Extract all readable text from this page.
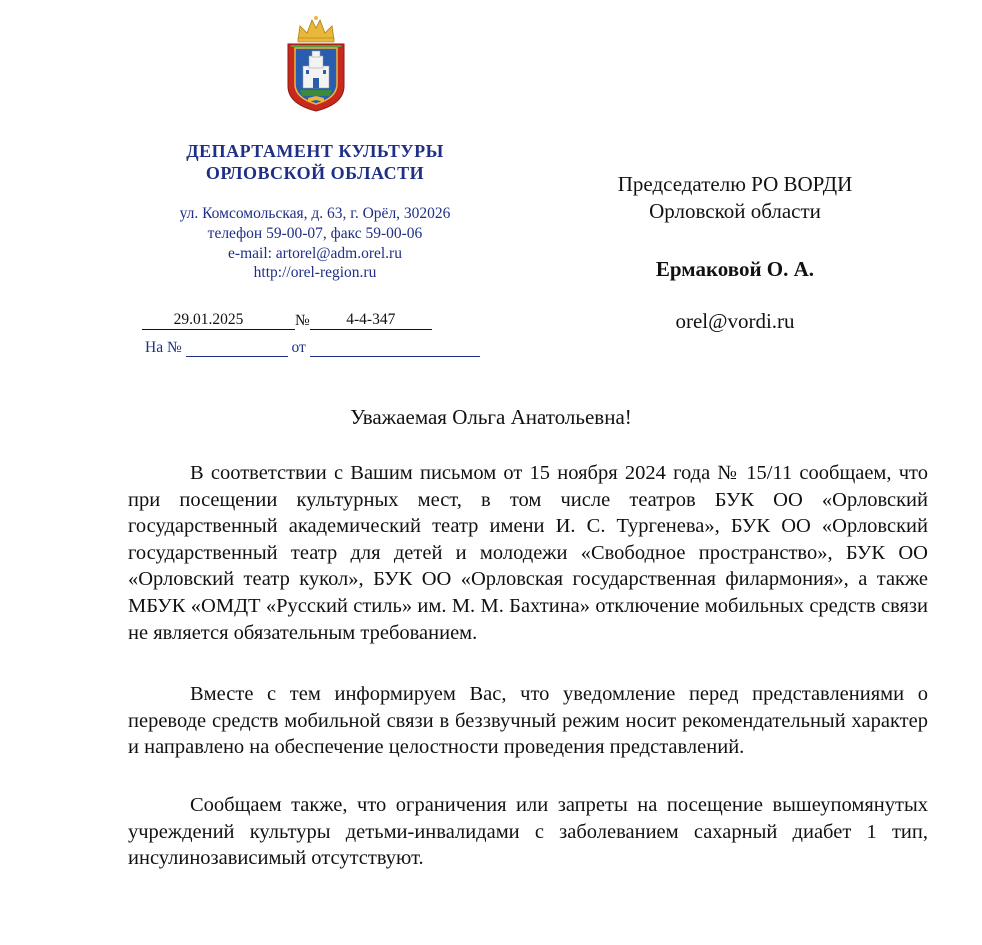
ДЕПАРТАМЕНТ КУЛЬТУРЫ
ОРЛОВСКОЙ ОБЛАСТИ
ул. Комсомольская, д. 63, г. Орёл, 302026
телефон 59-00-07, факс 59-00-06
e-mail: artorel@adm.orel.ru
http://orel-region.ru
29.01.2025	№ 4-4-347
На №	от
Председателю РО ВОРДИ
Орловской области
Ермаковой О. А.
orel@vordi.ru
Уважаемая Ольга Анатольевна!
В соответствии с Вашим письмом от 15 ноября 2024 года № 15/11 сообщаем, что при посещении культурных мест, в том числе театров БУК ОО «Орловский государственный академический театр имени И. С. Тургенева», БУК ОО «Орловский государственный театр для детей и молодежи «Свободное пространство», БУК ОО «Орловский театр кукол», БУК ОО «Орловская государственная филармония», а также МБУК «ОМДТ «Русский стиль» им. М. М. Бахтина» отключение мобильных средств связи не является обязательным требованием.
Вместе с тем информируем Вас, что уведомление перед представлениями о переводе средств мобильной связи в беззвучный режим носит рекомендательный характер и направлено на обеспечение целостности проведения представлений.
Сообщаем также, что ограничения или запреты на посещение вышеупомянутых учреждений культуры детьми-инвалидами с заболеванием сахарный диабет 1 тип, инсулинозависимый отсутствуют.
